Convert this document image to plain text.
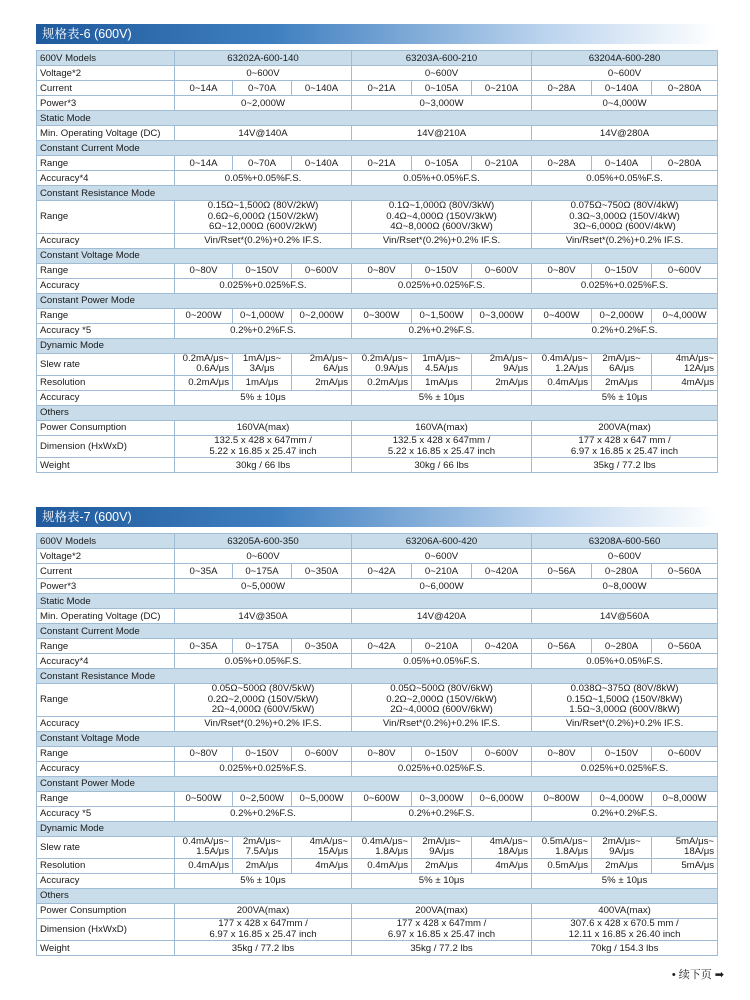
规格表-6 (600V)
600V Models	63202A-600-140			63203A-600-210			63204A-600-280		
Voltage*2	0~600V			0~600V			0~600V		
Current	0~14A	0~70A	0~140A	0~21A	0~105A	0~210A	0~28A	0~140A	0~280A
Power*3	0~2,000W			0~3,000W			0~4,000W		
Static Mode									
Min. Operating Voltage (DC)	14V@140A			14V@210A			14V@280A		
Constant Current Mode									
Range	0~14A	0~70A	0~140A	0~21A	0~105A	0~210A	0~28A	0~140A	0~280A
Accuracy*4	0.05%+0.05%F.S.			0.05%+0.05%F.S.			0.05%+0.05%F.S.		
Constant Resistance Mode									
Range	0.15Ω~1,500Ω (80V/2kW)
0.6Ω~6,000Ω (150V/2kW)
6Ω~12,000Ω (600V/2kW)			0.1Ω~1,000Ω (80V/3kW)
0.4Ω~4,000Ω (150V/3kW)
4Ω~8,000Ω (600V/3kW)			0.075Ω~750Ω (80V/4kW)
0.3Ω~3,000Ω (150V/4kW)
3Ω~6,000Ω (600V/4kW)		
Accuracy	Vin/Rset*(0.2%)+0.2% IF.S.			Vin/Rset*(0.2%)+0.2% IF.S.			Vin/Rset*(0.2%)+0.2% IF.S.		
Constant Voltage Mode									
Range	0~80V	0~150V	0~600V	0~80V	0~150V	0~600V	0~80V	0~150V	0~600V
Accuracy	0.025%+0.025%F.S.			0.025%+0.025%F.S.			0.025%+0.025%F.S.		
Constant Power Mode									
Range	0~200W	0~1,000W	0~2,000W	0~300W	0~1,500W	0~3,000W	0~400W	0~2,000W	0~4,000W
Accuracy *5	0.2%+0.2%F.S.			0.2%+0.2%F.S.			0.2%+0.2%F.S.		
Dynamic Mode									
Slew rate	0.2mA/μs~
0.6A/μs	1mA/μs~
3A/μs	2mA/μs~
6A/μs	0.2mA/μs~
0.9A/μs	1mA/μs~
4.5A/μs	2mA/μs~
9A/μs	0.4mA/μs~
1.2A/μs	2mA/μs~
6A/μs	4mA/μs~
12A/μs
Resolution	0.2mA/μs	1mA/μs	2mA/μs	0.2mA/μs	1mA/μs	2mA/μs	0.4mA/μs	2mA/μs	4mA/μs
Accuracy	5% ± 10μs			5% ± 10μs			5% ± 10μs		
Others									
Power Consumption	160VA(max)			160VA(max)			200VA(max)		
Dimension (HxWxD)	132.5 x 428 x 647mm /
5.22 x 16.85 x 25.47 inch			132.5 x 428 x 647mm /
5.22 x 16.85 x 25.47 inch			177 x 428 x 647 mm /
6.97 x 16.85 x 25.47 inch		
Weight	30kg / 66 lbs			30kg / 66 lbs			35kg / 77.2 lbs		
规格表-7 (600V)
600V Models	63205A-600-350			63206A-600-420			63208A-600-560		
Voltage*2	0~600V			0~600V			0~600V		
Current	0~35A	0~175A	0~350A	0~42A	0~210A	0~420A	0~56A	0~280A	0~560A
Power*3	0~5,000W			0~6,000W			0~8,000W		
Static Mode									
Min. Operating Voltage (DC)	14V@350A			14V@420A			14V@560A		
Constant Current Mode									
Range	0~35A	0~175A	0~350A	0~42A	0~210A	0~420A	0~56A	0~280A	0~560A
Accuracy*4	0.05%+0.05%F.S.			0.05%+0.05%F.S.			0.05%+0.05%F.S.		
Constant Resistance Mode									
Range	0.05Ω~500Ω (80V/5kW)
0.2Ω~2,000Ω (150V/5kW)
2Ω~4,000Ω (600V/5kW)			0.05Ω~500Ω (80V/6kW)
0.2Ω~2,000Ω (150V/6kW)
2Ω~4,000Ω (600V/6kW)			0.038Ω~375Ω (80V/8kW)
0.15Ω~1,500Ω (150V/8kW)
1.5Ω~3,000Ω (600V/8kW)		
Accuracy	Vin/Rset*(0.2%)+0.2% IF.S.			Vin/Rset*(0.2%)+0.2% IF.S.			Vin/Rset*(0.2%)+0.2% IF.S.		
Constant Voltage Mode									
Range	0~80V	0~150V	0~600V	0~80V	0~150V	0~600V	0~80V	0~150V	0~600V
Accuracy	0.025%+0.025%F.S.			0.025%+0.025%F.S.			0.025%+0.025%F.S.		
Constant Power Mode									
Range	0~500W	0~2,500W	0~5,000W	0~600W	0~3,000W	0~6,000W	0~800W	0~4,000W	0~8,000W
Accuracy *5	0.2%+0.2%F.S.			0.2%+0.2%F.S.			0.2%+0.2%F.S.		
Dynamic Mode									
Slew rate	0.4mA/μs~
1.5A/μs	2mA/μs~
7.5A/μs	4mA/μs~
15A/μs	0.4mA/μs~
1.8A/μs	2mA/μs~
9A/μs	4mA/μs~
18A/μs	0.5mA/μs~
1.8A/μs	2mA/μs~
9A/μs	5mA/μs~
18A/μs
Resolution	0.4mA/μs	2mA/μs	4mA/μs	0.4mA/μs	2mA/μs	4mA/μs	0.5mA/μs	2mA/μs	5mA/μs
Accuracy	5% ± 10μs			5% ± 10μs			5% ± 10μs		
Others									
Power Consumption	200VA(max)			200VA(max)			400VA(max)		
Dimension (HxWxD)	177 x 428 x 647mm /
6.97 x 16.85 x 25.47 inch			177 x 428 x 647mm /
6.97 x 16.85 x 25.47 inch			307.6 x 428 x 670.5 mm /
12.11 x 16.85 x 26.40 inch		
Weight	35kg / 77.2 lbs			35kg / 77.2 lbs			70kg / 154.3 lbs		
• 续下页 ➡
